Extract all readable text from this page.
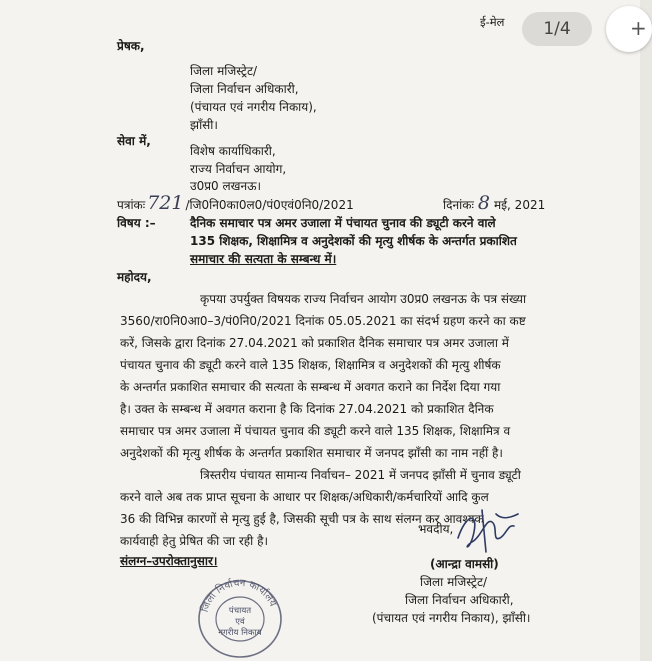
ई-मेल	1/4	+
प्रेषक,
जिला मजिस्ट्रेट/
जिला निर्वाचन अधिकारी,
(पंचायत एवं नगरीय निकाय),
झाँसी।
सेवा में,
विशेष कार्याधिकारी,
राज्य निर्वाचन आयोग,
उ0प्र0 लखनऊ।
पत्रांकः 721 /जि0नि0का0ल0/पं0एवं0नि0/2021	दिनांकः 8 मई, 2021
विषय :–	दैनिक समाचार पत्र अमर उजाला में पंचायत चुनाव की ड्यूटी करने वाले
135 शिक्षक, शिक्षामित्र व अनुदेशकों की मृत्यु शीर्षक के अन्तर्गत प्रकाशित
समाचार की सत्यता के सम्बन्ध में।
महोदय,
कृपया उपर्युक्त विषयक राज्य निर्वाचन आयोग उ0प्र0 लखनऊ के पत्र संख्या
3560/रा0नि0आ0–3/पं0नि0/2021 दिनांक 05.05.2021 का संदर्भ ग्रहण करने का कष्ट
करें, जिसके द्वारा दिनांक 27.04.2021 को प्रकाशित दैनिक समाचार पत्र अमर उजाला में
पंचायत चुनाव की ड्यूटी करने वाले 135 शिक्षक, शिक्षामित्र व अनुदेशकों की मृत्यु शीर्षक
के अन्तर्गत प्रकाशित समाचार की सत्यता के सम्बन्ध में अवगत कराने का निर्देश दिया गया
है। उक्त के सम्बन्ध में अवगत कराना है कि दिनांक 27.04.2021 को प्रकाशित दैनिक
समाचार पत्र अमर उजाला में पंचायत चुनाव की ड्यूटी करने वाले 135 शिक्षक, शिक्षामित्र व
अनुदेशकों की मृत्यु शीर्षक के अन्तर्गत प्रकाशित समाचार में जनपद झाँसी का नाम नहीं है।
त्रिस्तरीय पंचायत सामान्य निर्वाचन– 2021 में जनपद झाँसी में चुनाव ड्यूटी
करने वाले अब तक प्राप्त सूचना के आधार पर शिक्षक/अधिकारी/कर्मचारियों आदि कुल
36 की विभिन्न कारणों से मृत्यु हुई है, जिसकी सूची पत्र के साथ संलग्न कर आवश्यक
कार्यवाही हेतु प्रेषित की जा रही है।
संलग्न–उपरोक्तानुसार।
भवदीय,
(आन्द्रा वामसी)
जिला मजिस्ट्रेट/
जिला निर्वाचन अधिकारी,
(पंचायत एवं नगरीय निकाय), झाँसी।
जिला निर्वाचन कार्यालय
पंचायत
एवं
नगरीय निकाय
